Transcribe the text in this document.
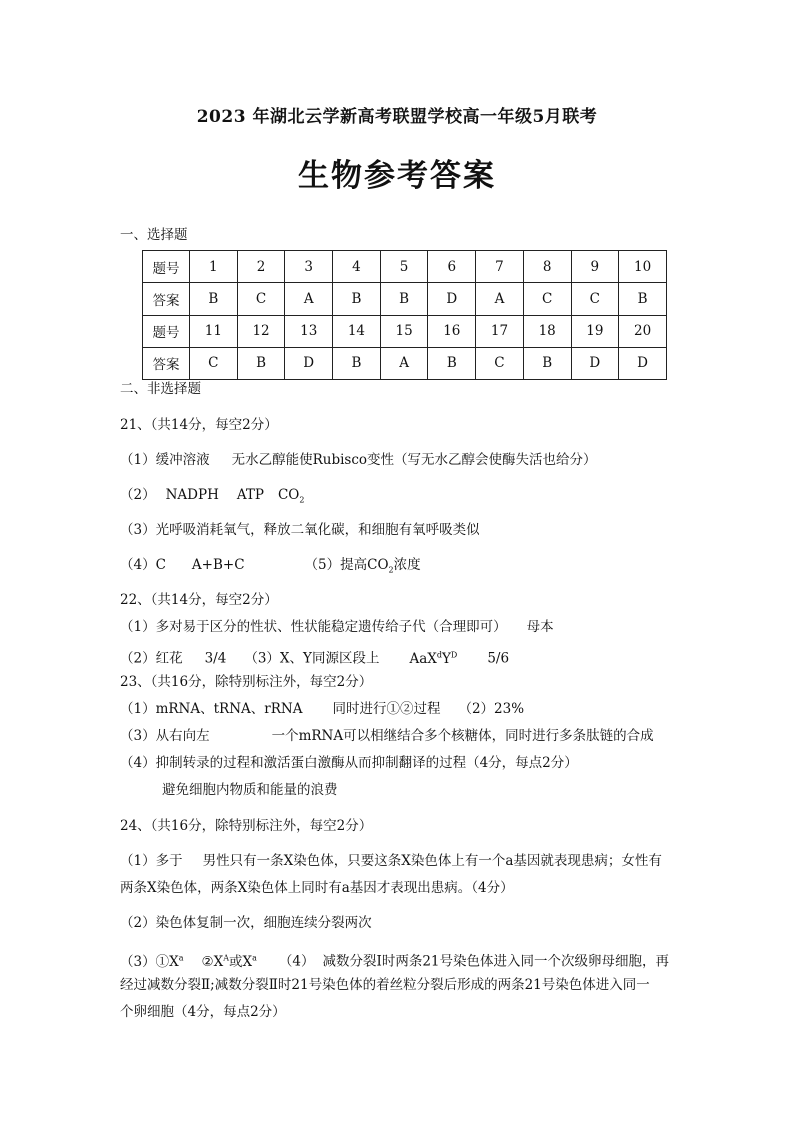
2023 年湖北云学新高考联盟学校高一年级5月联考
生物参考答案
一、选择题
题号	1	2	3	4	5	6	7	8	9	10
答案	B	C	A	B	B	D	A	C	C	B
题号	11	12	13	14	15	16	17	18	19	20
答案	C	B	D	B	A	B	C	B	D	D
二、非选择题
21、（共14分，每空2分）
（1）缓冲溶液 无水乙醇能使Rubisco变性（写无水乙醇会使酶失活也给分）
（2） NADPH ATP $CO_2$
（3）光呼吸消耗氧气，释放二氧化碳，和细胞有氧呼吸类似
（4）C A+B+C	（5）提高$CO_2$浓度
22、（共14分，每空2分）
（1）多对易于区分的性状、性状能稳定遗传给子代（合理即可） 母本
（2）红花 3/4 （3）X、Y同源区段上 $AaX^dY^D$ 5/6
23、（共16分，除特别标注外，每空2分）
（1）mRNA、tRNA、rRNA 同时进行①②过程 （2）23%
（3）从右向左	一个mRNA可以相继结合多个核糖体，同时进行多条肽链的合成
（4）抑制转录的过程和激活蛋白激酶从而抑制翻译的过程（4分，每点2分）
避免细胞内物质和能量的浪费
24、（共16分，除特别标注外，每空2分）
（1）多于 男性只有一条X染色体，只要这条X染色体上有一个a基因就表现患病；女性有
两条X染色体，两条X染色体上同时有a基因才表现出患病。（4分）
（2）染色体复制一次，细胞连续分裂两次
$(3)①X^a$ $②X^A$或$X^a$ （4） 减数分裂Ⅰ时两条21号染色体进入同一个次级卵母细胞，再
经过减数分裂Ⅱ;减数分裂Ⅱ时21号染色体的着丝粒分裂后形成的两条21号染色体进入同一
个卵细胞（4分，每点2分）
